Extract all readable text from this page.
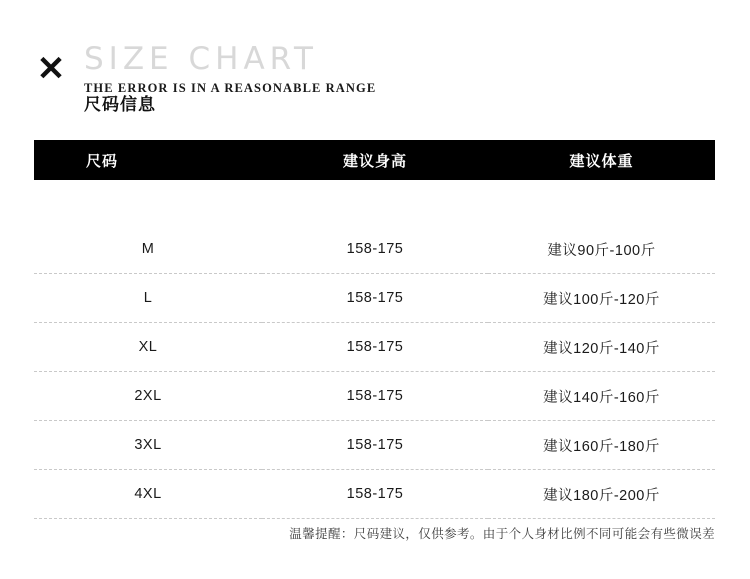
✕ SIZE CHART
THE ERROR IS IN A REASONABLE RANGE
尺码信息
尺码	建议身高	建议体重

M	158-175	建议90斤-100斤
L	158-175	建议100斤-120斤
XL	158-175	建议120斤-140斤
2XL	158-175	建议140斤-160斤
3XL	158-175	建议160斤-180斤
4XL	158-175	建议180斤-200斤
温馨提醒：尺码建议，仅供参考。由于个人身材比例不同可能会有些微误差
